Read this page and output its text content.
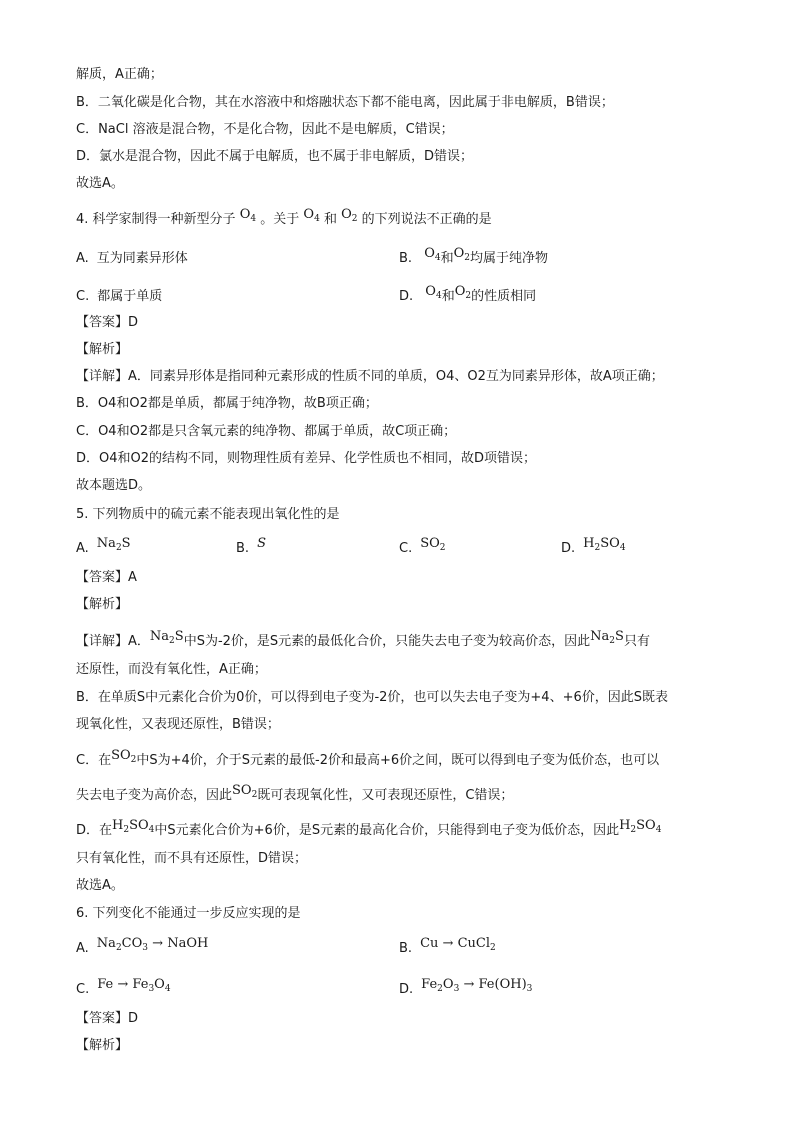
解质，A正确；
B．二氧化碳是化合物，其在水溶液中和熔融状态下都不能电离，因此属于非电解质，B错误；
C．NaCl 溶液是混合物，不是化合物，因此不是电解质，C错误；
D．氯水是混合物，因此不属于电解质，也不属于非电解质，D错误；
故选A。
4. 科学家制得一种新型分子 $O_4$ 。关于 $O_4$ 和 $O_2$ 的下列说法不正确的是
A. 互为同素异形体	B. $O_4$和$O_2$均属于纯净物
C. 都属于单质	D. $O_4$和$O_2$的性质相同
【答案】D
【解析】
【详解】A．同素异形体是指同种元素形成的性质不同的单质，O4、O2互为同素异形体，故A项正确；
B．O4和O2都是单质，都属于纯净物，故B项正确；
C．O4和O2都是只含氧元素的纯净物、都属于单质，故C项正确；
D．O4和O2的结构不同，则物理性质有差异、化学性质也不相同，故D项错误；
故本题选D。
5. 下列物质中的硫元素不能表现出氧化性的是
A. $Na_2S$	B. S	C. $SO_2$	D. $H_2SO_4$
【答案】A
【解析】
【详解】A．$Na_2S$中S为-2价，是S元素的最低化合价，只能失去电子变为较高价态，因此$Na_2S$只有
还原性，而没有氧化性，A正确；
B．在单质S中元素化合价为0价，可以得到电子变为-2价，也可以失去电子变为+4、+6价，因此S既表
现氧化性，又表现还原性，B错误；
C．在$SO_2$中S为+4价，介于S元素的最低-2价和最高+6价之间，既可以得到电子变为低价态，也可以
失去电子变为高价态，因此$SO_2$既可表现氧化性，又可表现还原性，C错误；
D．在$H_2SO_4$中S元素化合价为+6价，是S元素的最高化合价，只能得到电子变为低价态，因此$H_2SO_4$
只有氧化性，而不具有还原性，D错误；
故选A。
6. 下列变化不能通过一步反应实现的是
A. $Na_2CO_3$ → NaOH	B. Cu → CuCl$_2$
C. $Fe \to Fe_3O_4$	D. $Fe_2O_3 \to Fe(OH)_3$
【答案】D
【解析】
